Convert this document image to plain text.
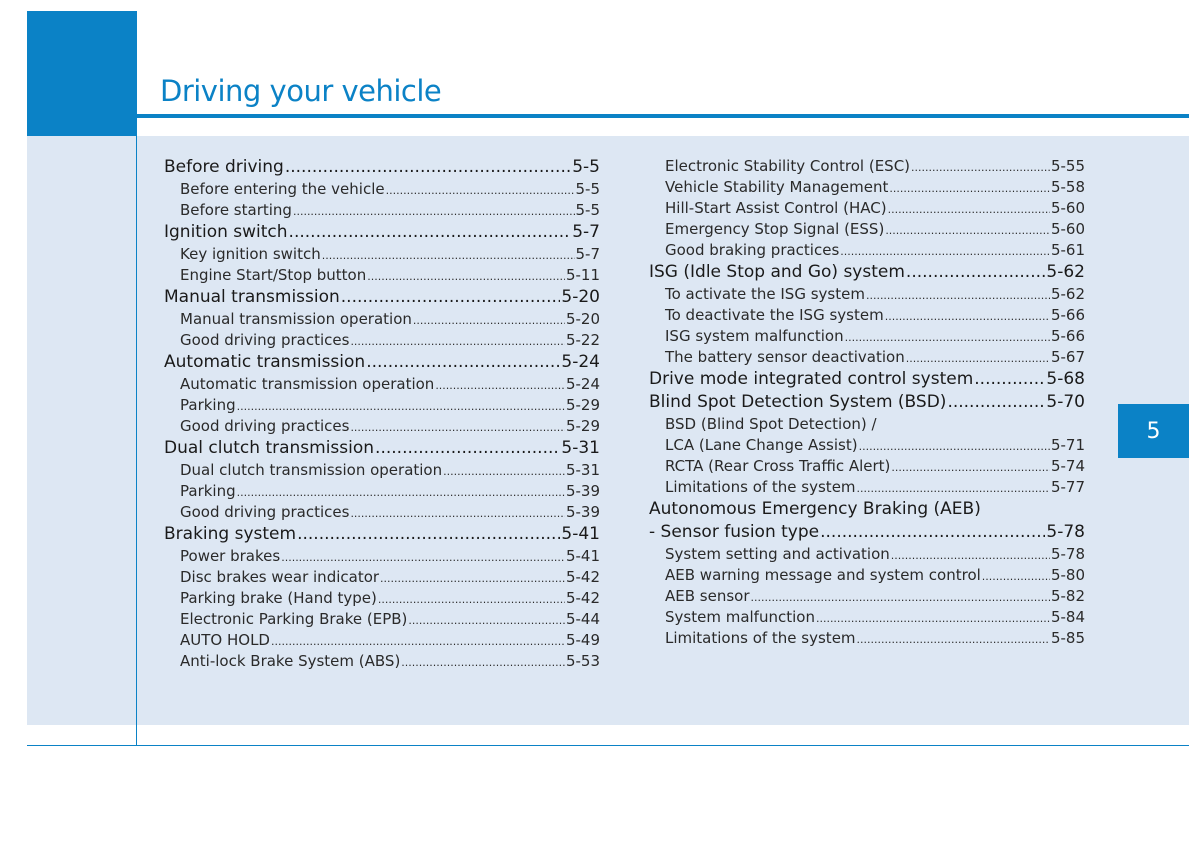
Driving your vehicle
5
Before driving .....	5-5
Before entering the vehicle .....	5-5
Before starting .....	5-5
Ignition switch .....	5-7
Key ignition switch .....	5-7
Engine Start/Stop button .....	5-11
Manual transmission .....	5-20
Manual transmission operation .....	5-20
Good driving practices .....	5-22
Automatic transmission .....	5-24
Automatic transmission operation .....	5-24
Parking .....	5-29
Good driving practices .....	5-29
Dual clutch transmission .....	5-31
Dual clutch transmission operation .....	5-31
Parking .....	5-39
Good driving practices .....	5-39
Braking system .....	5-41
Power brakes .....	5-41
Disc brakes wear indicator .....	5-42
Parking brake (Hand type) .....	5-42
Electronic Parking Brake (EPB) .....	5-44
AUTO HOLD .....	5-49
Anti-lock Brake System (ABS) .....	5-53
Electronic Stability Control (ESC) .....	5-55
Vehicle Stability Management .....	5-58
Hill-Start Assist Control (HAC) .....	5-60
Emergency Stop Signal (ESS) .....	5-60
Good braking practices .....	5-61
ISG (Idle Stop and Go) system .....	5-62
To activate the ISG system .....	5-62
To deactivate the ISG system .....	5-66
ISG system malfunction .....	5-66
The battery sensor deactivation .....	5-67
Drive mode integrated control system .....	5-68
Blind Spot Detection System (BSD) .....	5-70
BSD (Blind Spot Detection) /
LCA (Lane Change Assist) .....	5-71
RCTA (Rear Cross Traffic Alert) .....	5-74
Limitations of the system .....	5-77
Autonomous Emergency Braking (AEB)
- Sensor fusion type .....	5-78
System setting and activation .....	5-78
AEB warning message and system control .....	5-80
AEB sensor .....	5-82
System malfunction .....	5-84
Limitations of the system .....	5-85
